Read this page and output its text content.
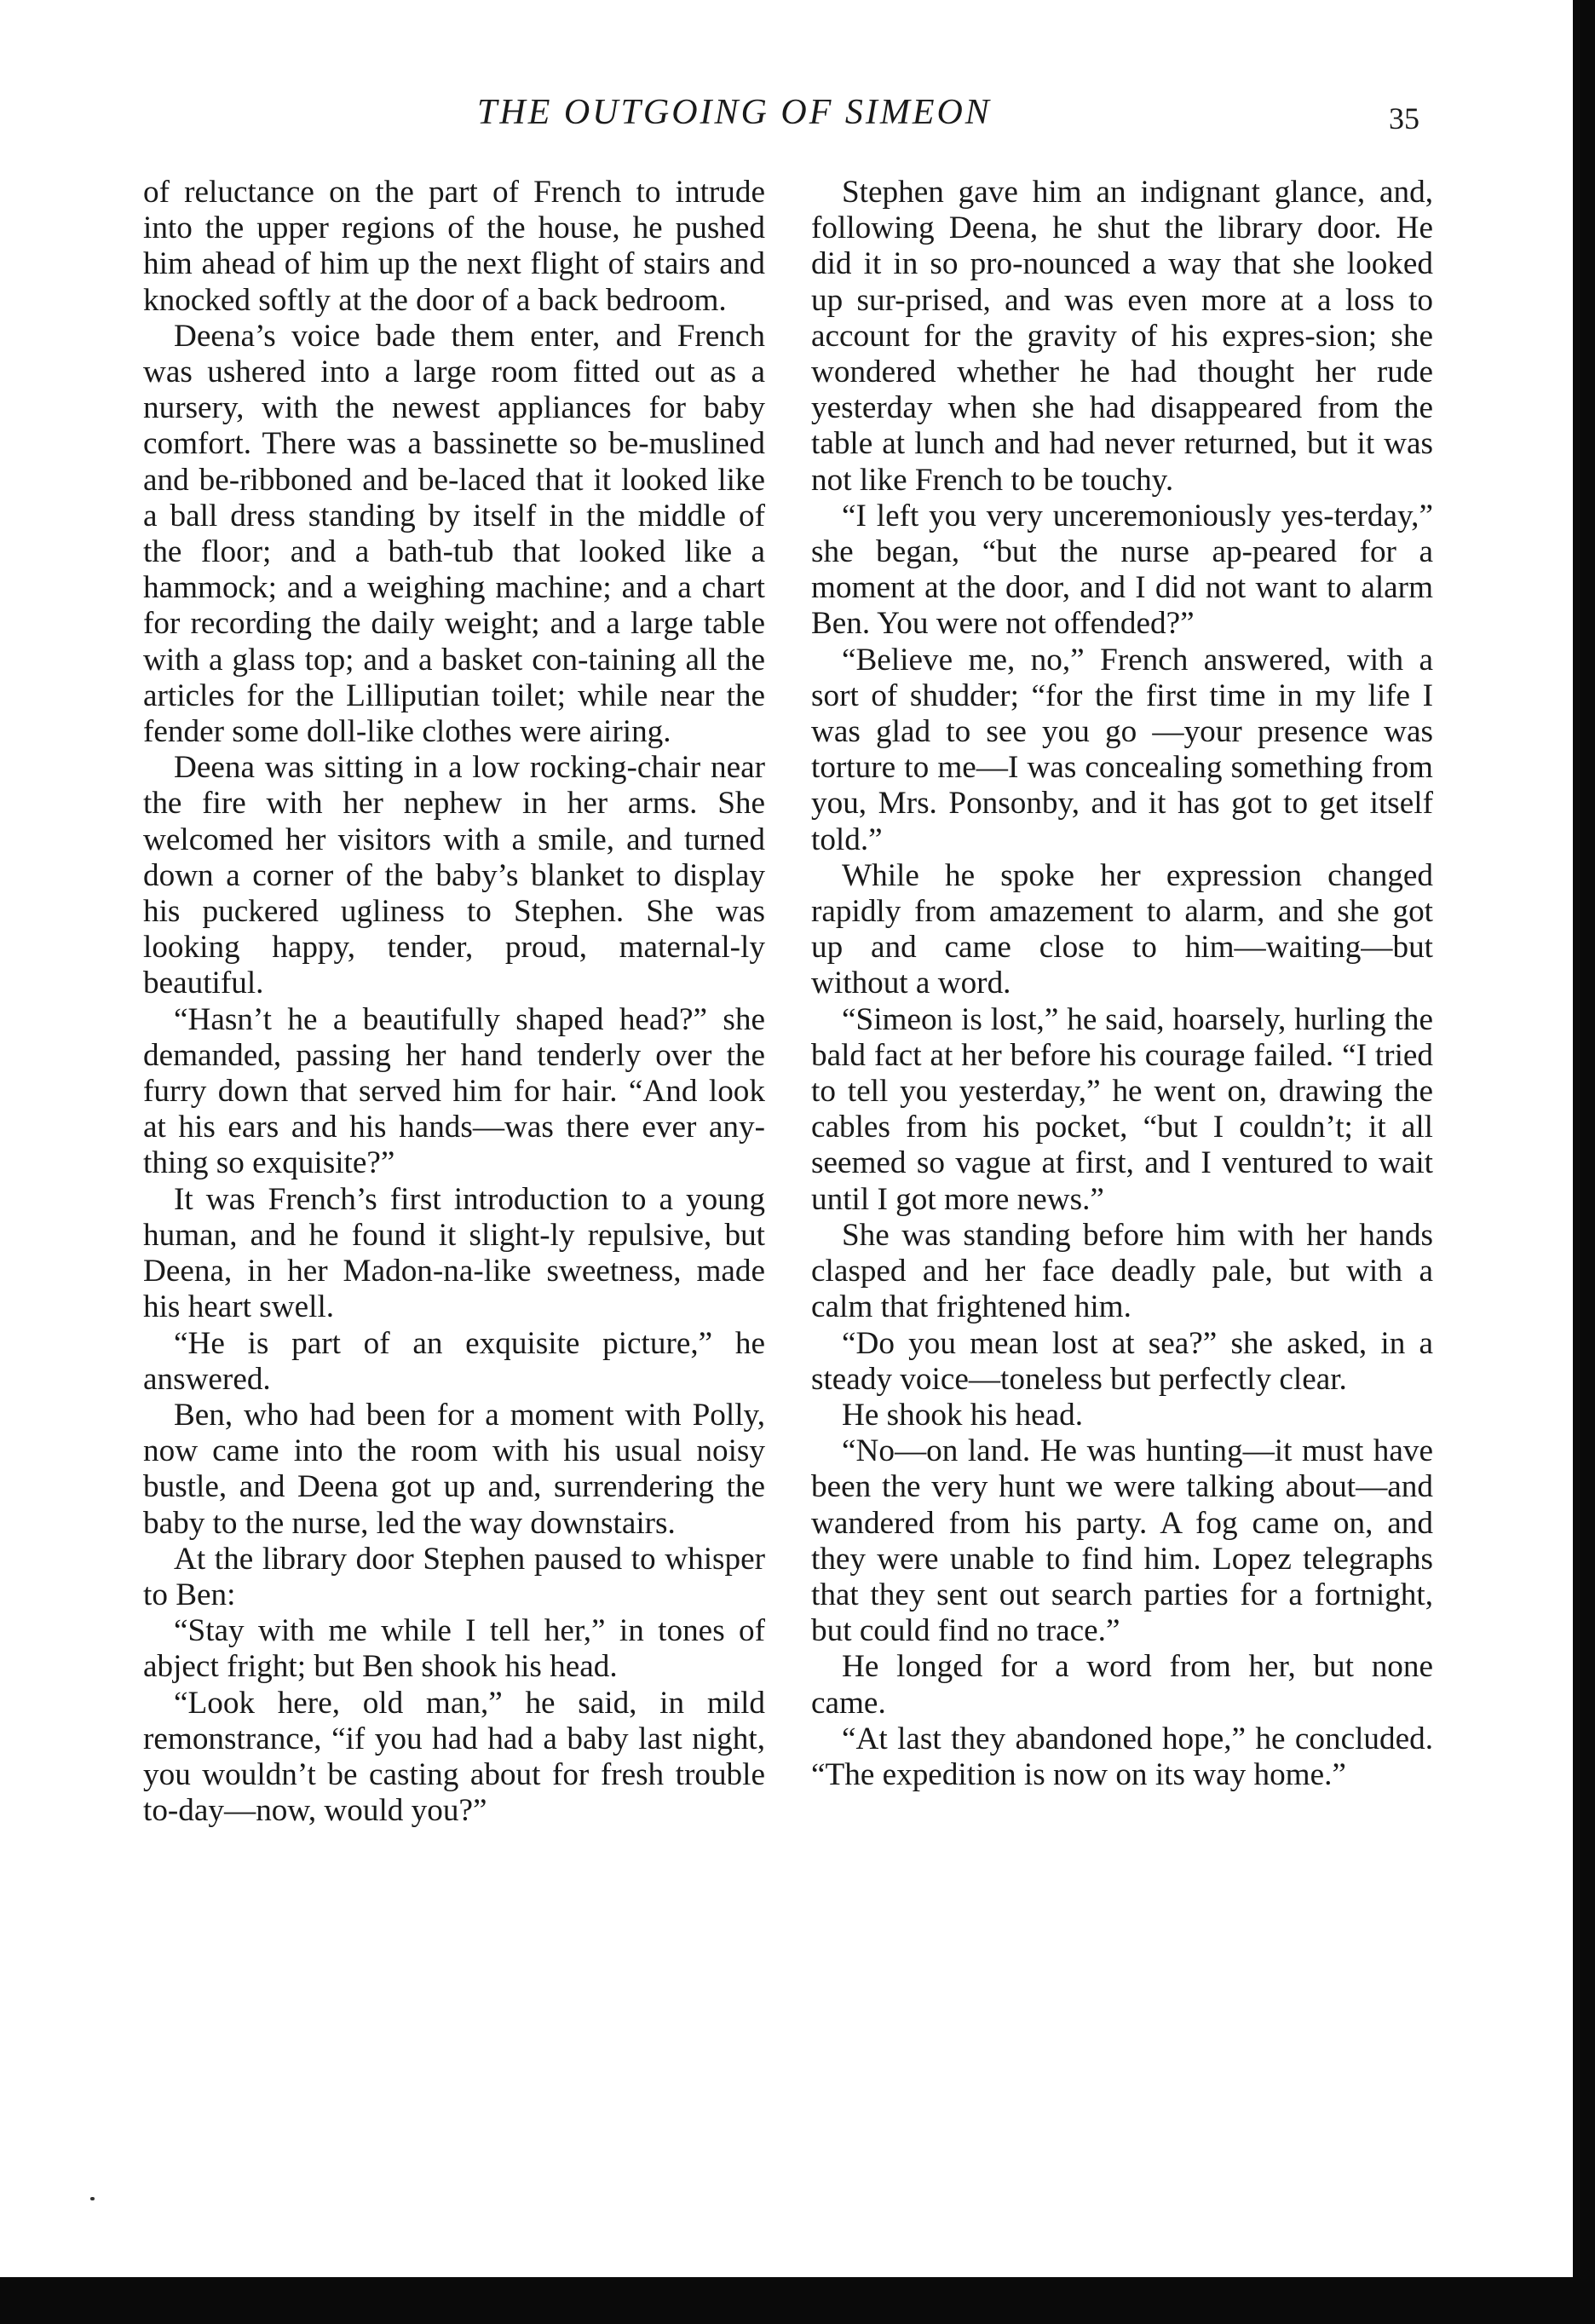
THE OUTGOING OF SIMEON	35

of reluctance on the part of French to intrude into the upper regions of the house, he pushed him ahead of him up the next flight of stairs and knocked softly at the door of a back bedroom.

Deena’s voice bade them enter, and French was ushered into a large room fitted out as a nursery, with the newest appliances for baby comfort. There was a bassinette so be-muslined and be-ribboned and be-laced that it looked like a ball dress standing by itself in the middle of the floor; and a bath-tub that looked like a hammock; and a weighing machine; and a chart for recording the daily weight; and a large table with a glass top; and a basket con-taining all the articles for the Lilliputian toilet; while near the fender some doll-like clothes were airing.

Deena was sitting in a low rocking-chair near the fire with her nephew in her arms. She welcomed her visitors with a smile, and turned down a corner of the baby’s blanket to display his puckered ugliness to Stephen. She was looking happy, tender, proud, maternal-ly beautiful.

“Hasn’t he a beautifully shaped head?” she demanded, passing her hand tenderly over the furry down that served him for hair. “And look at his ears and his hands—was there ever any-thing so exquisite?”

It was French’s first introduction to a young human, and he found it slight-ly repulsive, but Deena, in her Madon-na-like sweetness, made his heart swell.

“He is part of an exquisite picture,” he answered.

Ben, who had been for a moment with Polly, now came into the room with his usual noisy bustle, and Deena got up and, surrendering the baby to the nurse, led the way downstairs.

At the library door Stephen paused to whisper to Ben:

“Stay with me while I tell her,” in tones of abject fright; but Ben shook his head.

“Look here, old man,” he said, in mild remonstrance, “if you had had a baby last night, you wouldn’t be casting about for fresh trouble to-day—now, would you?”

Stephen gave him an indignant glance, and, following Deena, he shut the library door. He did it in so pro-nounced a way that she looked up sur-prised, and was even more at a loss to account for the gravity of his expres-sion; she wondered whether he had thought her rude yesterday when she had disappeared from the table at lunch and had never returned, but it was not like French to be touchy.

“I left you very unceremoniously yes-terday,” she began, “but the nurse ap-peared for a moment at the door, and I did not want to alarm Ben. You were not offended?”

“Believe me, no,” French answered, with a sort of shudder; “for the first time in my life I was glad to see you go —your presence was torture to me—I was concealing something from you, Mrs. Ponsonby, and it has got to get itself told.”

While he spoke her expression changed rapidly from amazement to alarm, and she got up and came close to him—waiting—but without a word.

“Simeon is lost,” he said, hoarsely, hurling the bald fact at her before his courage failed. “I tried to tell you yesterday,” he went on, drawing the cables from his pocket, “but I couldn’t; it all seemed so vague at first, and I ventured to wait until I got more news.”

She was standing before him with her hands clasped and her face deadly pale, but with a calm that frightened him.

“Do you mean lost at sea?” she asked, in a steady voice—toneless but perfectly clear.

He shook his head.

“No—on land. He was hunting—it must have been the very hunt we were talking about—and wandered from his party. A fog came on, and they were unable to find him. Lopez telegraphs that they sent out search parties for a fortnight, but could find no trace.”

He longed for a word from her, but none came.

“At last they abandoned hope,” he concluded. “The expedition is now on its way home.”
